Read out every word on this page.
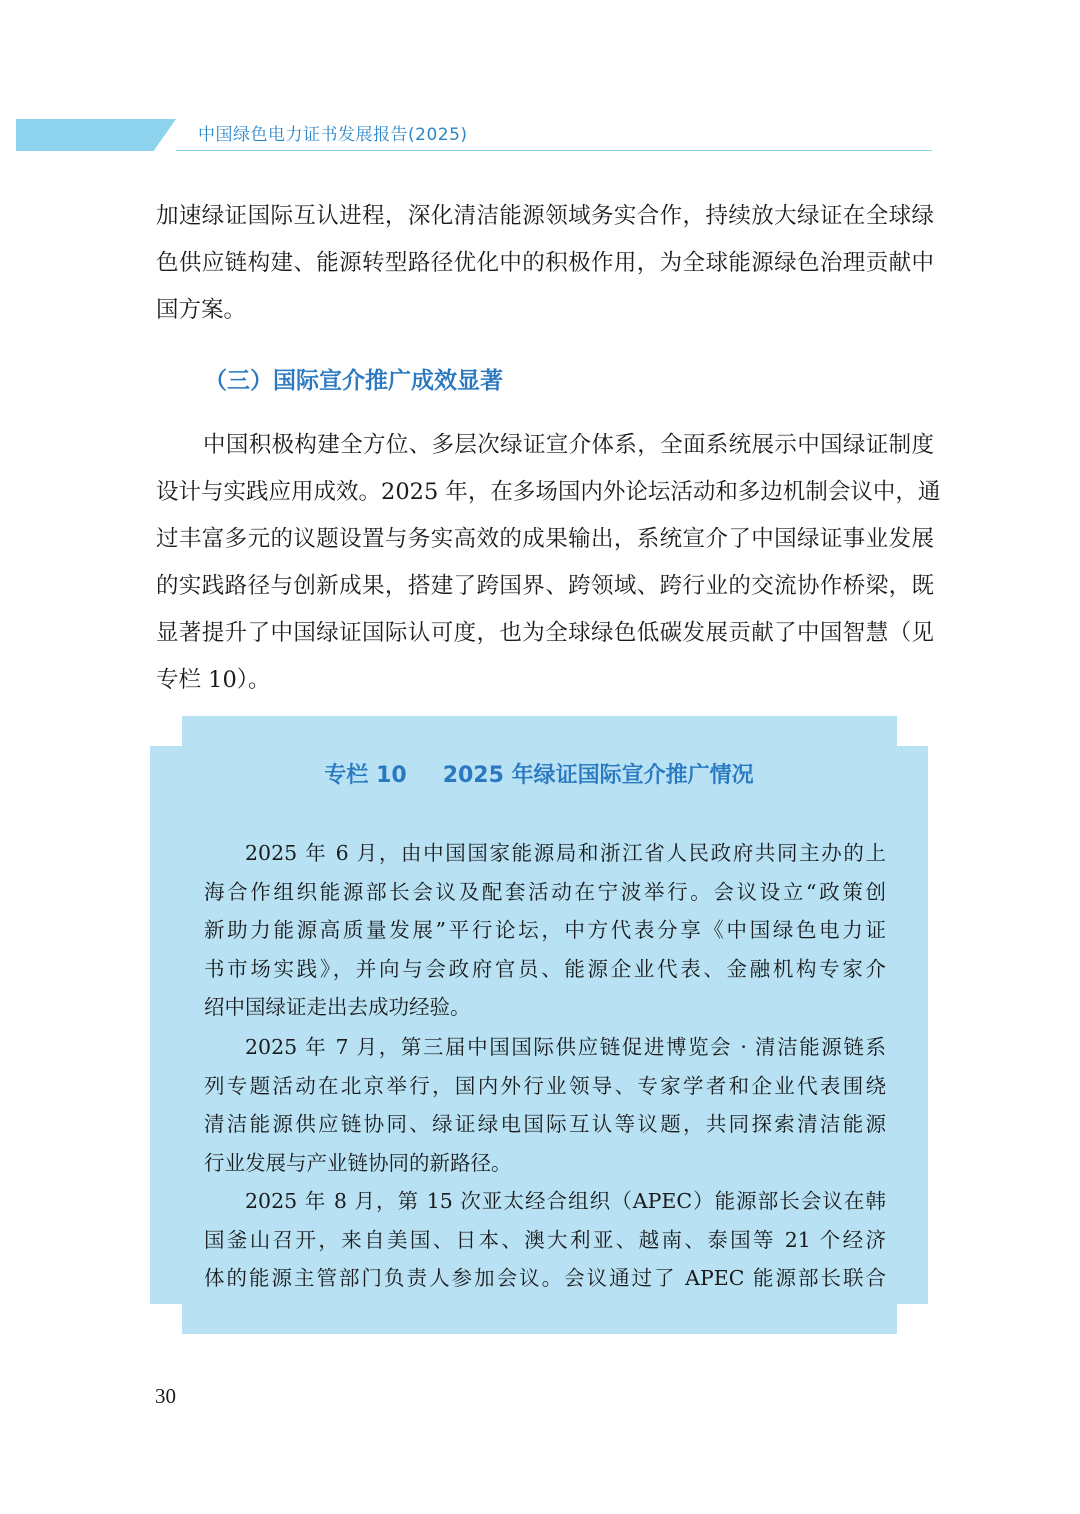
中国绿色电力证书发展报告(2025)
加速绿证国际互认进程，深化清洁能源领域务实合作，持续放大绿证在全球绿
色供应链构建、能源转型路径优化中的积极作用，为全球能源绿色治理贡献中
国方案。
（三）国际宣介推广成效显著
中国积极构建全方位、多层次绿证宣介体系，全面系统展示中国绿证制度
设计与实践应用成效。2025 年，在多场国内外论坛活动和多边机制会议中，通
过丰富多元的议题设置与务实高效的成果输出，系统宣介了中国绿证事业发展
的实践路径与创新成果，搭建了跨国界、跨领域、跨行业的交流协作桥梁，既
显著提升了中国绿证国际认可度，也为全球绿色低碳发展贡献了中国智慧（见
专栏 10）。
专栏 10 2025 年绿证国际宣介推广情况
2025 年 6 月，由中国国家能源局和浙江省人民政府共同主办的上
海合作组织能源部长会议及配套活动在宁波举行。会议设立“政策创
新助力能源高质量发展”平行论坛，中方代表分享《中国绿色电力证
书市场实践》，并向与会政府官员、能源企业代表、金融机构专家介
绍中国绿证走出去成功经验。
2025 年 7 月，第三届中国国际供应链促进博览会 · 清洁能源链系
列专题活动在北京举行，国内外行业领导、专家学者和企业代表围绕
清洁能源供应链协同、绿证绿电国际互认等议题，共同探索清洁能源
行业发展与产业链协同的新路径。
2025 年 8 月，第 15 次亚太经合组织（APEC）能源部长会议在韩
国釜山召开，来自美国、日本、澳大利亚、越南、泰国等 21 个经济
体的能源主管部门负责人参加会议。会议通过了 APEC 能源部长联合
30
